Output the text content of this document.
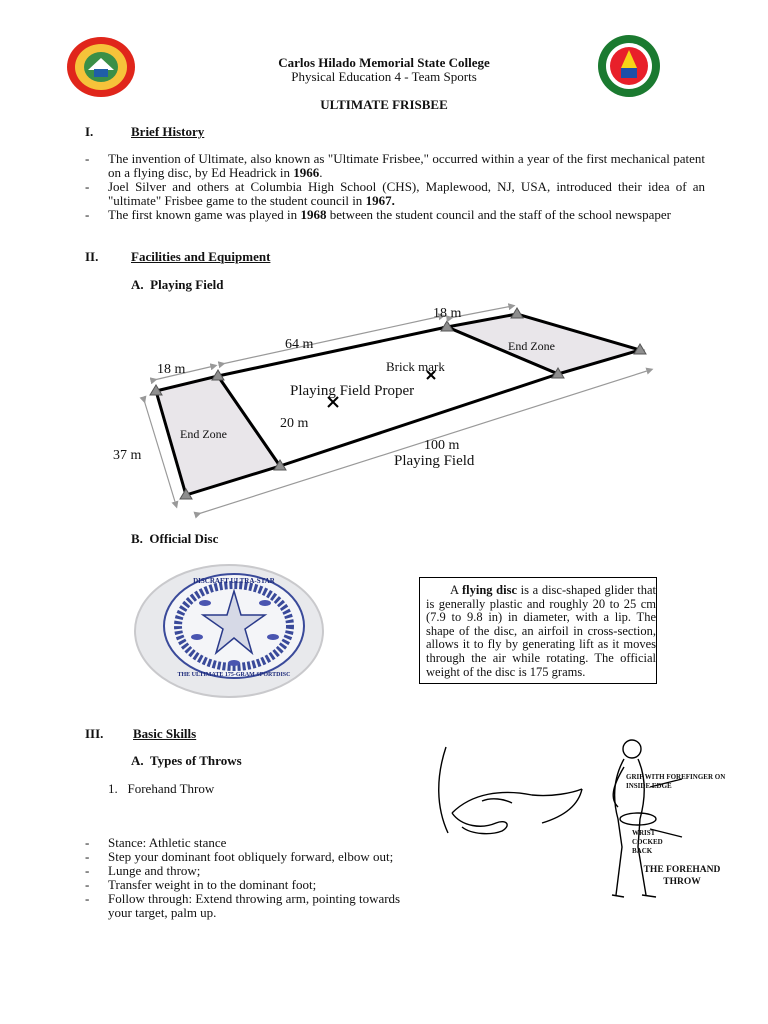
Carlos Hilado Memorial State College
Physical Education 4 - Team Sports
ULTIMATE FRISBEE
I.	Brief History
- The invention of Ultimate, also known as "Ultimate Frisbee," occurred within a year of the first mechanical patent on a flying disc, by Ed Headrick in 1966.
- Joel Silver and others at Columbia High School (CHS), Maplewood, NJ, USA, introduced their idea of an "ultimate" Frisbee game to the student council in 1967.
- The first known game was played in 1968 between the student council and the staff of the school newspaper
II.	Facilities and Equipment
A.  Playing Field
18 m
18 m
64 m
Brick mark
Playing Field Proper
20 m
End Zone
End Zone
37 m
100 m
Playing Field
B.  Official Disc
DISCRAFT ULTRA-STAR
THE ULTIMATE 175-GRAM SPORTDISC
A flying disc is a disc-shaped glider that is generally plastic and roughly 20 to 25 cm (7.9 to 9.8 in) in diameter, with a lip. The shape of the disc, an airfoil in cross-section, allows it to fly by generating lift as it moves through the air while rotating. The official weight of the disc is 175 grams.
III. Basic Skills
A.  Types of Throws
1.   Forehand Throw
- Stance: Athletic stance
- Step your dominant foot obliquely forward, elbow out;
- Lunge and throw;
- Transfer weight in to the dominant foot;
- Follow through: Extend throwing arm, pointing towards your target, palm up.
GRIP WITH FOREFINGER ON INSIDE EDGE
WRIST COCKED BACK
THE FOREHAND THROW
